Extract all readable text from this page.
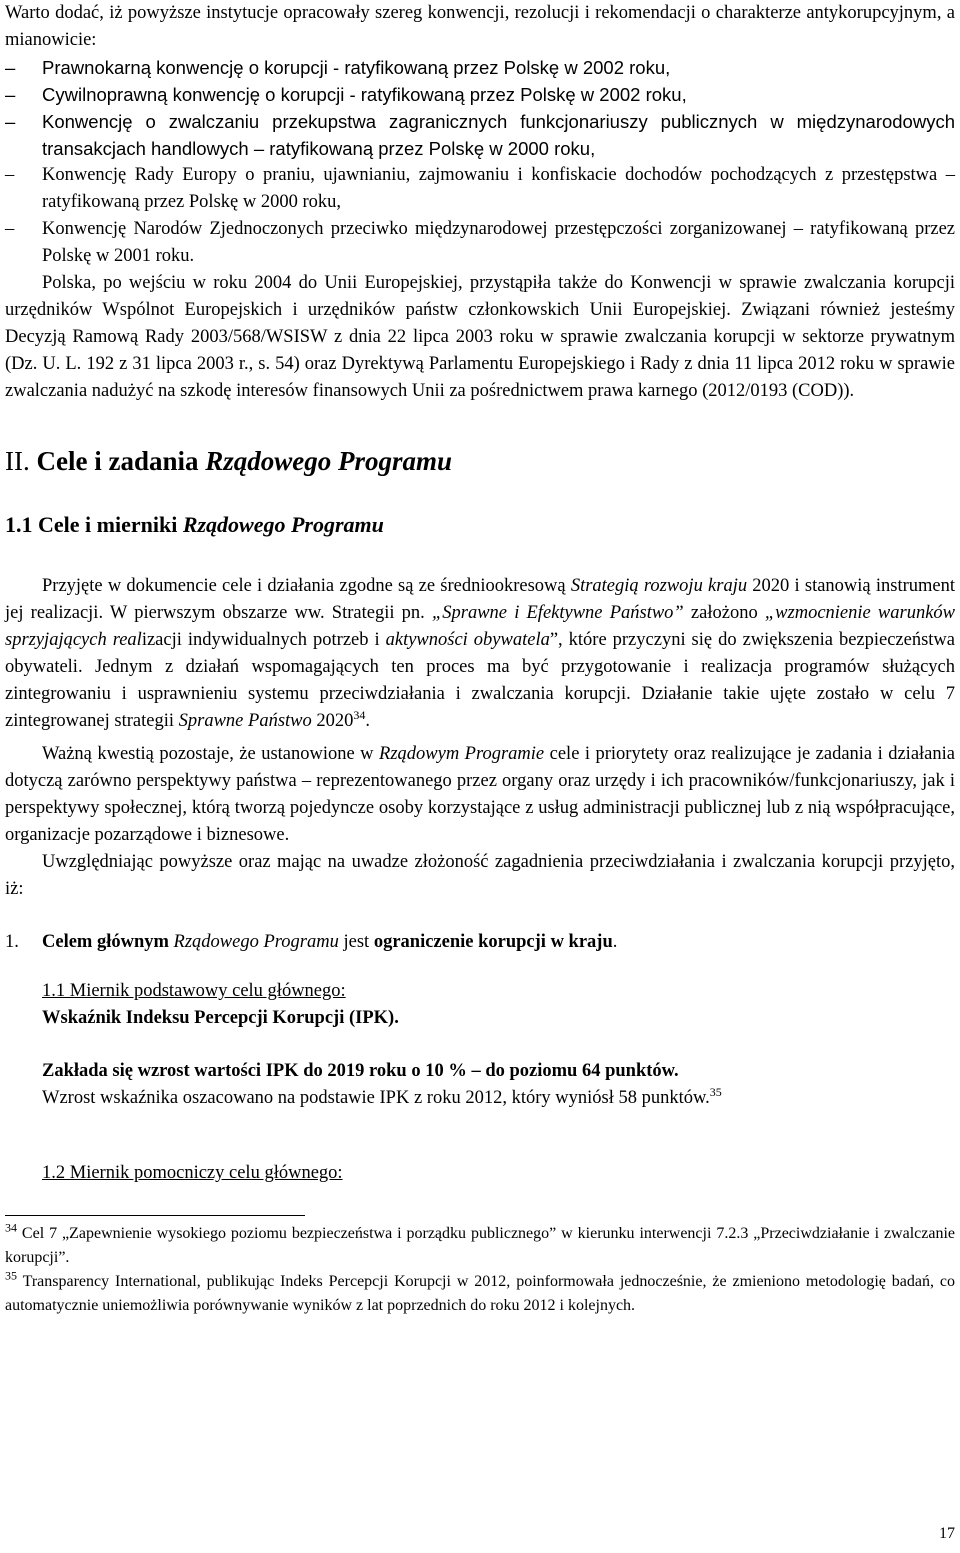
Warto dodać, iż powyższe instytucje opracowały szereg konwencji, rezolucji i rekomendacji o charakterze antykorupcyjnym, a mianowicie:

–	Prawnokarną konwencję o korupcji - ratyfikowaną przez Polskę w 2002 roku,
–	Cywilnoprawną konwencję o korupcji - ratyfikowaną przez Polskę w 2002 roku,
–	Konwencję o zwalczaniu przekupstwa zagranicznych funkcjonariuszy publicznych w międzynarodowych transakcjach handlowych – ratyfikowaną przez Polskę w 2000 roku,
–	Konwencję Rady Europy o praniu, ujawnianiu, zajmowaniu i konfiskacie dochodów pochodzących z przestępstwa – ratyfikowaną przez Polskę w 2000 roku,
–	Konwencję Narodów Zjednoczonych przeciwko międzynarodowej przestępczości zorganizowanej – ratyfikowaną przez Polskę w 2001 roku.

Polska, po wejściu w roku 2004 do Unii Europejskiej, przystąpiła także do Konwencji w sprawie zwalczania korupcji urzędników Wspólnot Europejskich i urzędników państw członkowskich Unii Europejskiej. Związani również jesteśmy Decyzją Ramową Rady 2003/568/WSISW z dnia 22 lipca 2003 roku w sprawie zwalczania korupcji w sektorze prywatnym (Dz. U. L. 192 z 31 lipca 2003 r., s. 54) oraz Dyrektywą Parlamentu Europejskiego i Rady z dnia 11 lipca 2012 roku w sprawie zwalczania nadużyć na szkodę interesów finansowych Unii za pośrednictwem prawa karnego (2012/0193 (COD)).

II. Cele i zadania Rządowego Programu
1.1 Cele i mierniki Rządowego Programu

Przyjęte w dokumencie cele i działania zgodne są ze średniookresową Strategią rozwoju kraju 2020 i stanowią instrument jej realizacji. W pierwszym obszarze ww. Strategii pn. „Sprawne i Efektywne Państwo” założono „wzmocnienie warunków sprzyjających realizacji indywidualnych potrzeb i aktywności obywatela”, które przyczyni się do zwiększenia bezpieczeństwa obywateli. Jednym z działań wspomagających ten proces ma być przygotowanie i realizacja programów służących zintegrowaniu i usprawnieniu systemu przeciwdziałania i zwalczania korupcji. Działanie takie ujęte zostało w celu 7 zintegrowanej strategii Sprawne Państwo 2020$^{34}$.

Ważną kwestią pozostaje, że ustanowione w Rządowym Programie cele i priorytety oraz realizujące je zadania i działania dotyczą zarówno perspektywy państwa – reprezentowanego przez organy oraz urzędy i ich pracowników/funkcjonariuszy, jak i perspektywy społecznej, którą tworzą pojedyncze osoby korzystające z usług administracji publicznej lub z nią współpracujące, organizacje pozarządowe i biznesowe.

Uwzględniając powyższe oraz mając na uwadze złożoność zagadnienia przeciwdziałania i zwalczania korupcji przyjęto, iż:

1. Celem głównym Rządowego Programu jest ograniczenie korupcji w kraju.

1.1 Miernik podstawowy celu głównego:

Wskaźnik Indeksu Percepcji Korupcji (IPK).

Zakłada się wzrost wartości IPK do 2019 roku o 10 % – do poziomu 64 punktów.

Wzrost wskaźnika oszacowano na podstawie IPK z roku 2012, który wyniósł 58 punktów.$^{35}$

1.2 Miernik pomocniczy celu głównego:

$^{34}$ Cel 7 „Zapewnienie wysokiego poziomu bezpieczeństwa i porządku publicznego” w kierunku interwencji 7.2.3 „Przeciwdziałanie i zwalczanie korupcji”.

$^{35}$ Transparency International, publikując Indeks Percepcji Korupcji w 2012, poinformowała jednocześnie, że zmieniono metodologię badań, co automatycznie uniemożliwia porównywanie wyników z lat poprzednich do roku 2012 i kolejnych.

17
